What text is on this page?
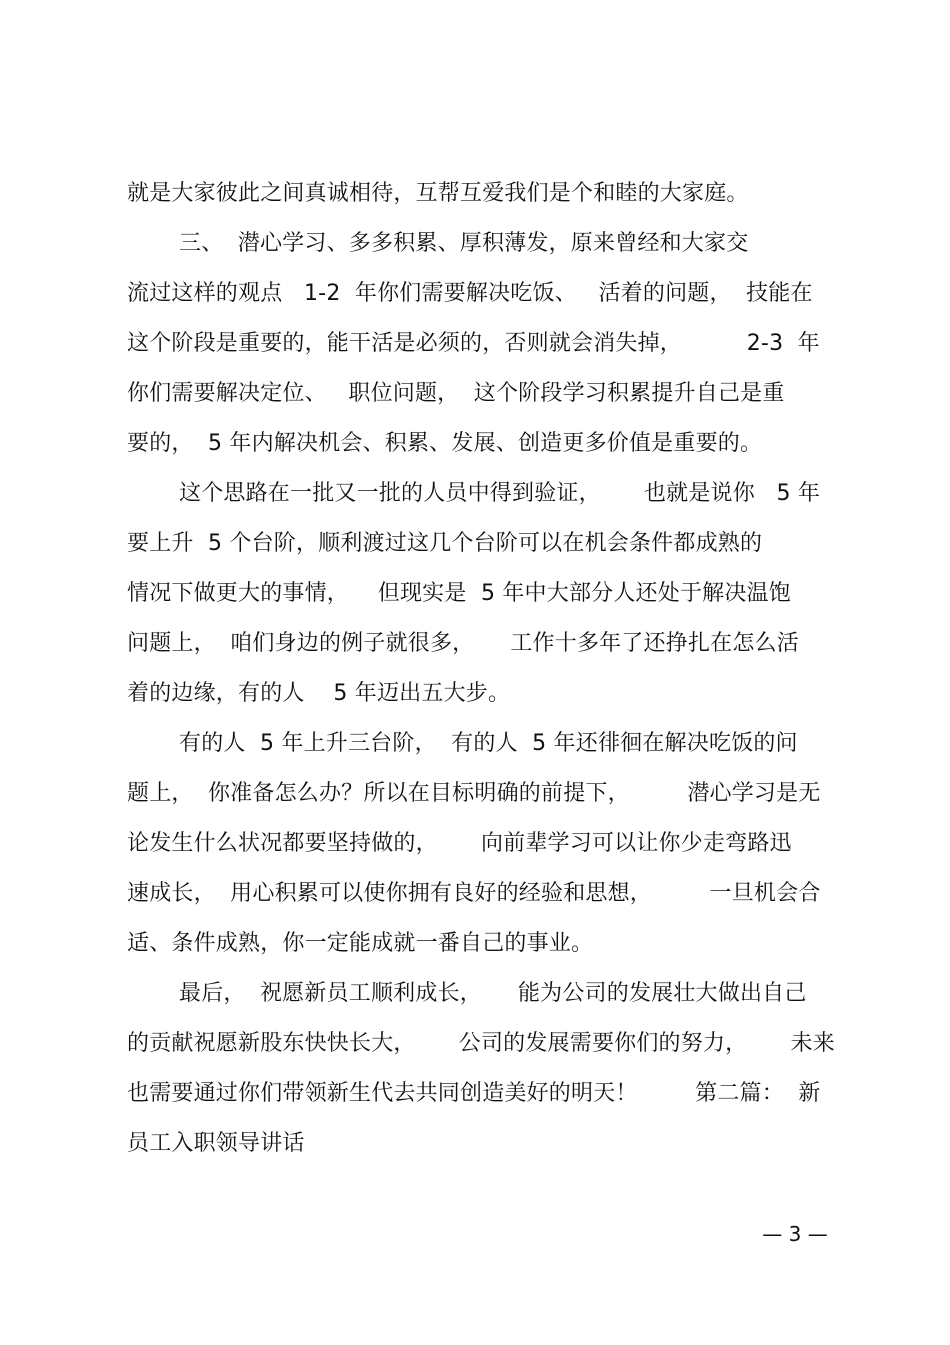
就是大家彼此之间真诚相待，互帮互爱我们是个和睦的大家庭。
三、  潜心学习、多多积累、厚积薄发，原来曾经和大家交
流过这样的观点   1-2  年你们需要解决吃饭、   活着的问题，  技能在
这个阶段是重要的，能干活是必须的，否则就会消失掉，         2-3  年
你们需要解决定位、   职位问题，  这个阶段学习积累提升自己是重
要的，  5 年内解决机会、积累、发展、创造更多价值是重要的。
这个思路在一批又一批的人员中得到验证，      也就是说你   5 年
要上升  5 个台阶，顺利渡过这几个台阶可以在机会条件都成熟的
情况下做更大的事情，    但现实是  5 年中大部分人还处于解决温饱
问题上，  咱们身边的例子就很多，     工作十多年了还挣扎在怎么活
着的边缘，有的人    5 年迈出五大步。
有的人  5 年上升三台阶，  有的人  5 年还徘徊在解决吃饭的问
题上，  你准备怎么办？所以在目标明确的前提下，        潜心学习是无
论发生什么状况都要坚持做的，      向前辈学习可以让你少走弯路迅
速成长，  用心积累可以使你拥有良好的经验和思想，        一旦机会合
适、条件成熟，你一定能成就一番自己的事业。
最后，  祝愿新员工顺利成长，     能为公司的发展壮大做出自己
的贡献祝愿新股东快快长大，      公司的发展需要你们的努力，      未来
也需要通过你们带领新生代去共同创造美好的明天！        第二篇：  新
员工入职领导讲话
— 3 —
